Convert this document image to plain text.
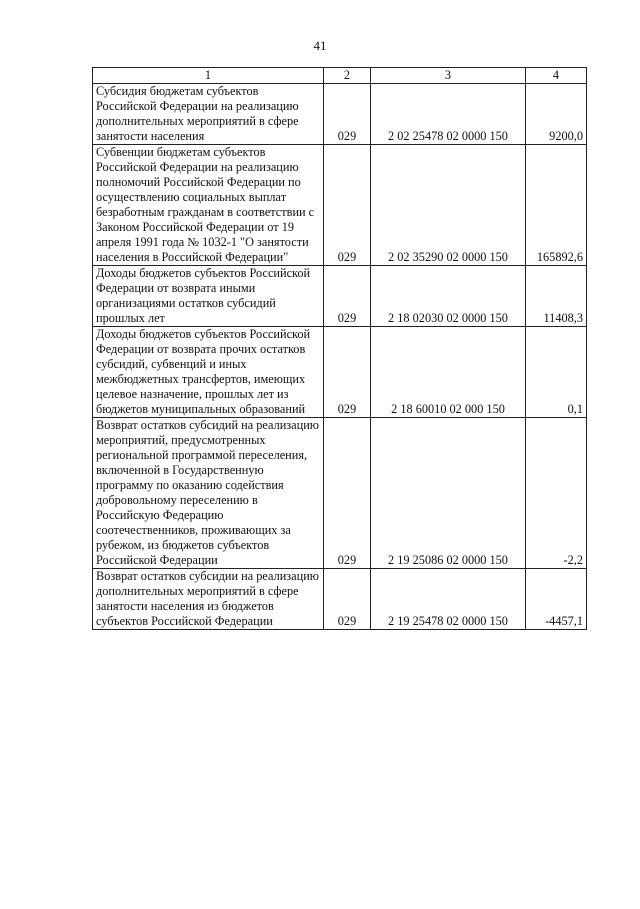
41
1	2	3	4
Субсидия бюджетам субъектов Российской Федерации на реализацию дополнительных мероприятий в сфере занятости населения	029	2 02 25478 02 0000 150	9200,0
Субвенции бюджетам субъектов Российской Федерации на реализацию полномочий Российской Федерации по осуществлению социальных выплат безработным гражданам в соответствии с Законом Российской Федерации от 19 апреля 1991 года № 1032-1 "О занятости населения в Российской Федерации"	029	2 02 35290 02 0000 150	165892,6
Доходы бюджетов субъектов Российской Федерации от возврата иными организациями остатков субсидий прошлых лет	029	2 18 02030 02 0000 150	11408,3
Доходы бюджетов субъектов Российской Федерации от возврата прочих остатков субсидий, субвенций и иных межбюджетных трансфертов, имеющих целевое назначение, прошлых лет из бюджетов муниципальных образований	029	2 18 60010 02 000 150	0,1
Возврат остатков субсидий на реализацию мероприятий, предусмотренных региональной программой переселения, включенной в Государственную программу по оказанию содействия добровольному переселению в Российскую Федерацию соотечественников, проживающих за рубежом, из бюджетов субъектов Российской Федерации	029	2 19 25086 02 0000 150	-2,2
Возврат остатков субсидии на реализацию дополнительных мероприятий в сфере занятости населения из бюджетов субъектов Российской Федерации	029	2 19 25478 02 0000 150	-4457,1
